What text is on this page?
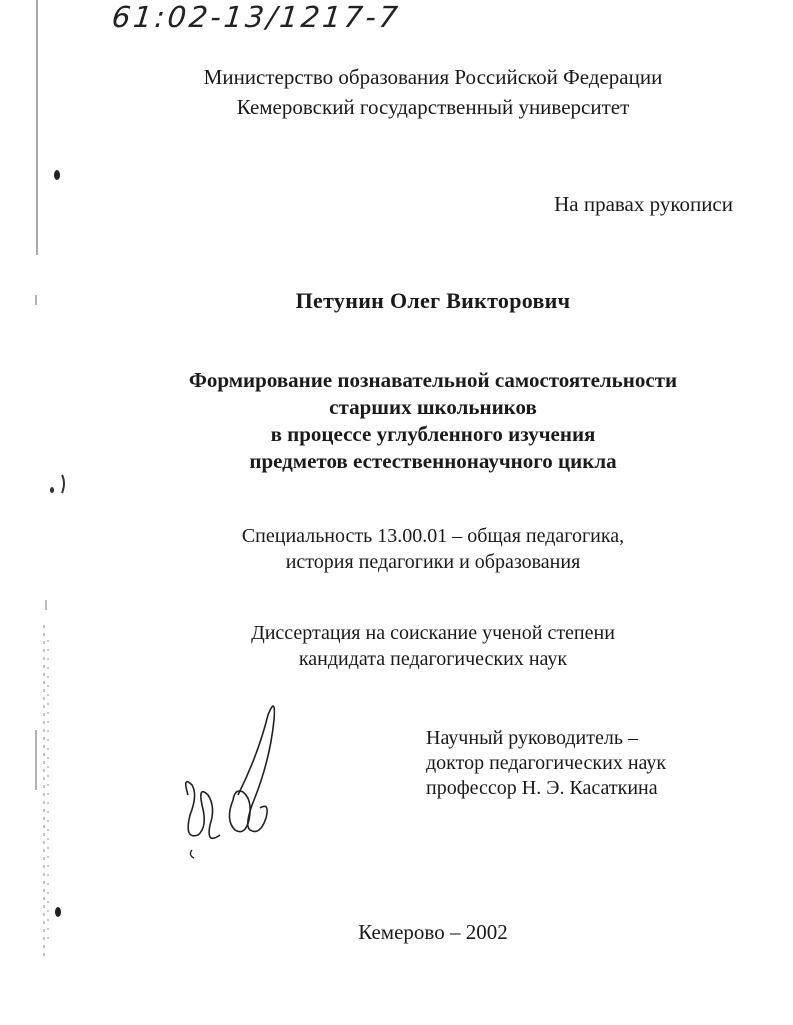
61:02-13/1217-7
Министерство образования Российской Федерации
Кемеровский государственный университет
На правах рукописи
Петунин Олег Викторович
Формирование познавательной самостоятельности
старших школьников
в процессе углубленного изучения
предметов естественнонаучного цикла
Специальность 13.00.01 – общая педагогика,
история педагогики и образования
Диссертация на соискание ученой степени
кандидата педагогических наук
Научный руководитель –
доктор педагогических наук
профессор Н. Э. Касаткина
Кемерово – 2002
